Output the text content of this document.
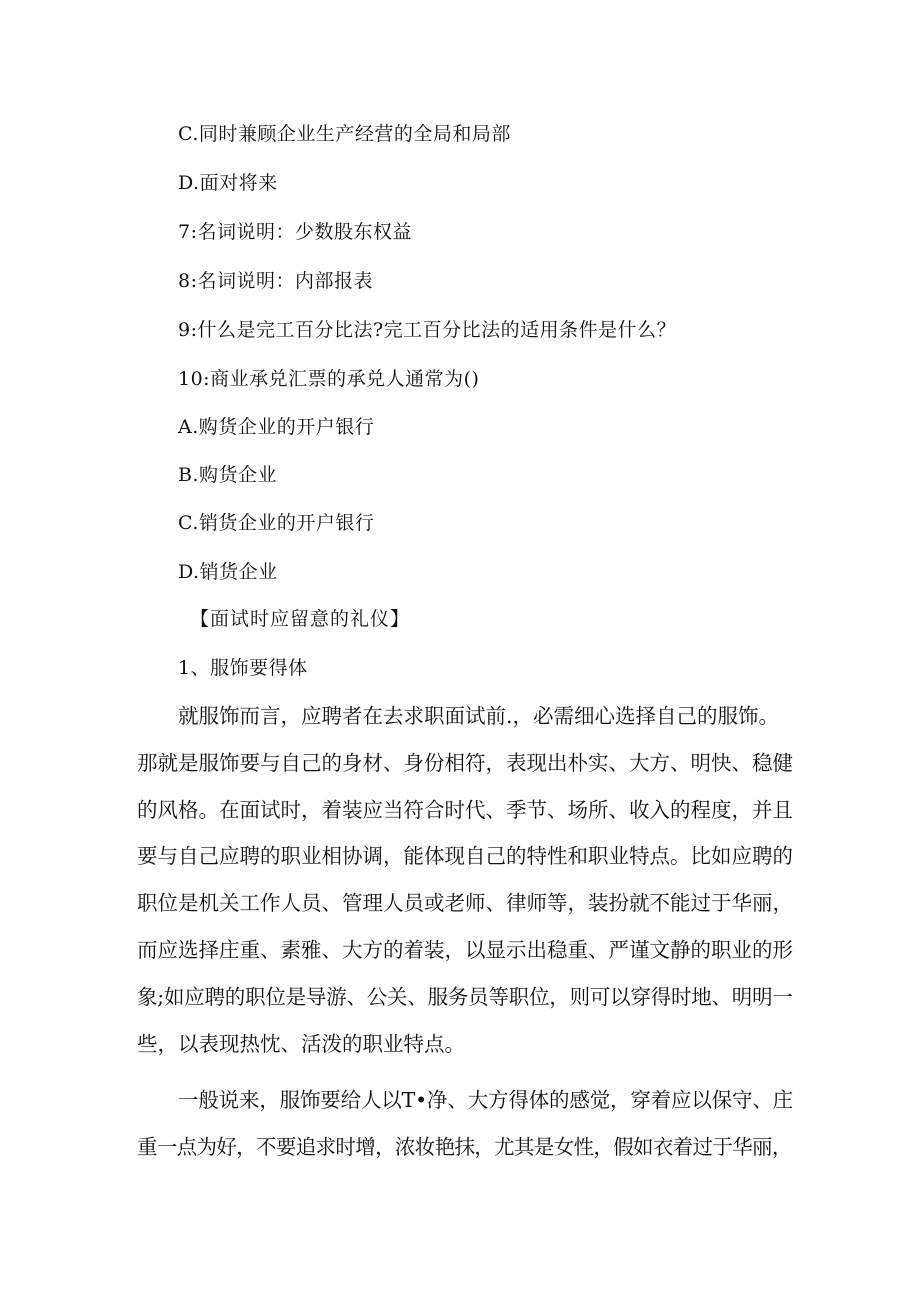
C.同时兼顾企业生产经营的全局和局部
D.面对将来
7:名词说明：少数股东权益
8:名词说明：内部报表
9:什么是完工百分比法?完工百分比法的适用条件是什么？
10:商业承兑汇票的承兑人通常为()
A.购货企业的开户银行
B.购货企业
C.销货企业的开户银行
D.销货企业
【面试时应留意的礼仪】
1、服饰要得体
就服饰而言，应聘者在去求职面试前.，必需细心选择自己的服饰。
那就是服饰要与自己的身材、身份相符，表现出朴实、大方、明快、稳健
的风格。在面试时，着装应当符合时代、季节、场所、收入的程度，并且
要与自己应聘的职业相协调，能体现自己的特性和职业特点。比如应聘的
职位是机关工作人员、管理人员或老师、律师等，装扮就不能过于华丽，
而应选择庄重、素雅、大方的着装，以显示出稳重、严谨文静的职业的形
象;如应聘的职位是导游、公关、服务员等职位，则可以穿得时地、明明一
些，以表现热忱、活泼的职业特点。
一般说来，服饰要给人以T•净、大方得体的感觉，穿着应以保守、庄
重一点为好，不要追求时增，浓妆艳抹，尤其是女性，假如衣着过于华丽，
